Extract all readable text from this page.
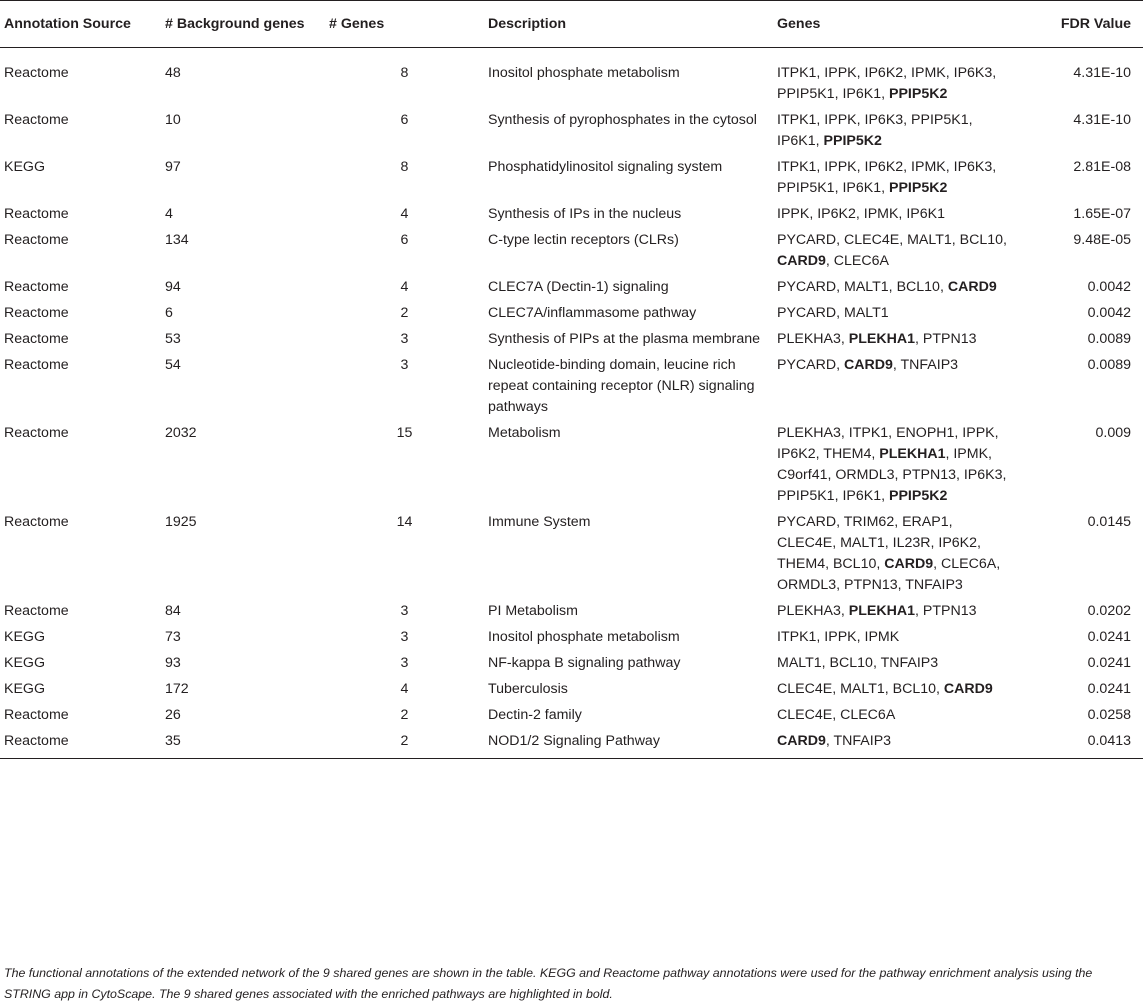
Annotation Source	# Background genes	# Genes	Description	Genes	FDR Value
Reactome	48	8	Inositol phosphate metabolism	ITPK1, IPPK, IP6K2, IPMK, IP6K3, PPIP5K1, IP6K1, PPIP5K2	4.31E-10
Reactome	10	6	Synthesis of pyrophosphates in the cytosol	ITPK1, IPPK, IP6K3, PPIP5K1, IP6K1, PPIP5K2	4.31E-10
KEGG	97	8	Phosphatidylinositol signaling system	ITPK1, IPPK, IP6K2, IPMK, IP6K3, PPIP5K1, IP6K1, PPIP5K2	2.81E-08
Reactome	4	4	Synthesis of IPs in the nucleus	IPPK, IP6K2, IPMK, IP6K1	1.65E-07
Reactome	134	6	C-type lectin receptors (CLRs)	PYCARD, CLEC4E, MALT1, BCL10, CARD9, CLEC6A	9.48E-05
Reactome	94	4	CLEC7A (Dectin-1) signaling	PYCARD, MALT1, BCL10, CARD9	0.0042
Reactome	6	2	CLEC7A/inflammasome pathway	PYCARD, MALT1	0.0042
Reactome	53	3	Synthesis of PIPs at the plasma membrane	PLEKHA3, PLEKHA1, PTPN13	0.0089
Reactome	54	3	Nucleotide-binding domain, leucine rich repeat containing receptor (NLR) signaling pathways	PYCARD, CARD9, TNFAIP3	0.0089
Reactome	2032	15	Metabolism	PLEKHA3, ITPK1, ENOPH1, IPPK, IP6K2, THEM4, PLEKHA1, IPMK, C9orf41, ORMDL3, PTPN13, IP6K3, PPIP5K1, IP6K1, PPIP5K2	0.009
Reactome	1925	14	Immune System	PYCARD, TRIM62, ERAP1, CLEC4E, MALT1, IL23R, IP6K2, THEM4, BCL10, CARD9, CLEC6A, ORMDL3, PTPN13, TNFAIP3	0.0145
Reactome	84	3	PI Metabolism	PLEKHA3, PLEKHA1, PTPN13	0.0202
KEGG	73	3	Inositol phosphate metabolism	ITPK1, IPPK, IPMK	0.0241
KEGG	93	3	NF-kappa B signaling pathway	MALT1, BCL10, TNFAIP3	0.0241
KEGG	172	4	Tuberculosis	CLEC4E, MALT1, BCL10, CARD9	0.0241
Reactome	26	2	Dectin-2 family	CLEC4E, CLEC6A	0.0258
Reactome	35	2	NOD1/2 Signaling Pathway	CARD9, TNFAIP3	0.0413
The functional annotations of the extended network of the 9 shared genes are shown in the table. KEGG and Reactome pathway annotations were used for the pathway enrichment analysis using the STRING app in CytoScape. The 9 shared genes associated with the enriched pathways are highlighted in bold.
